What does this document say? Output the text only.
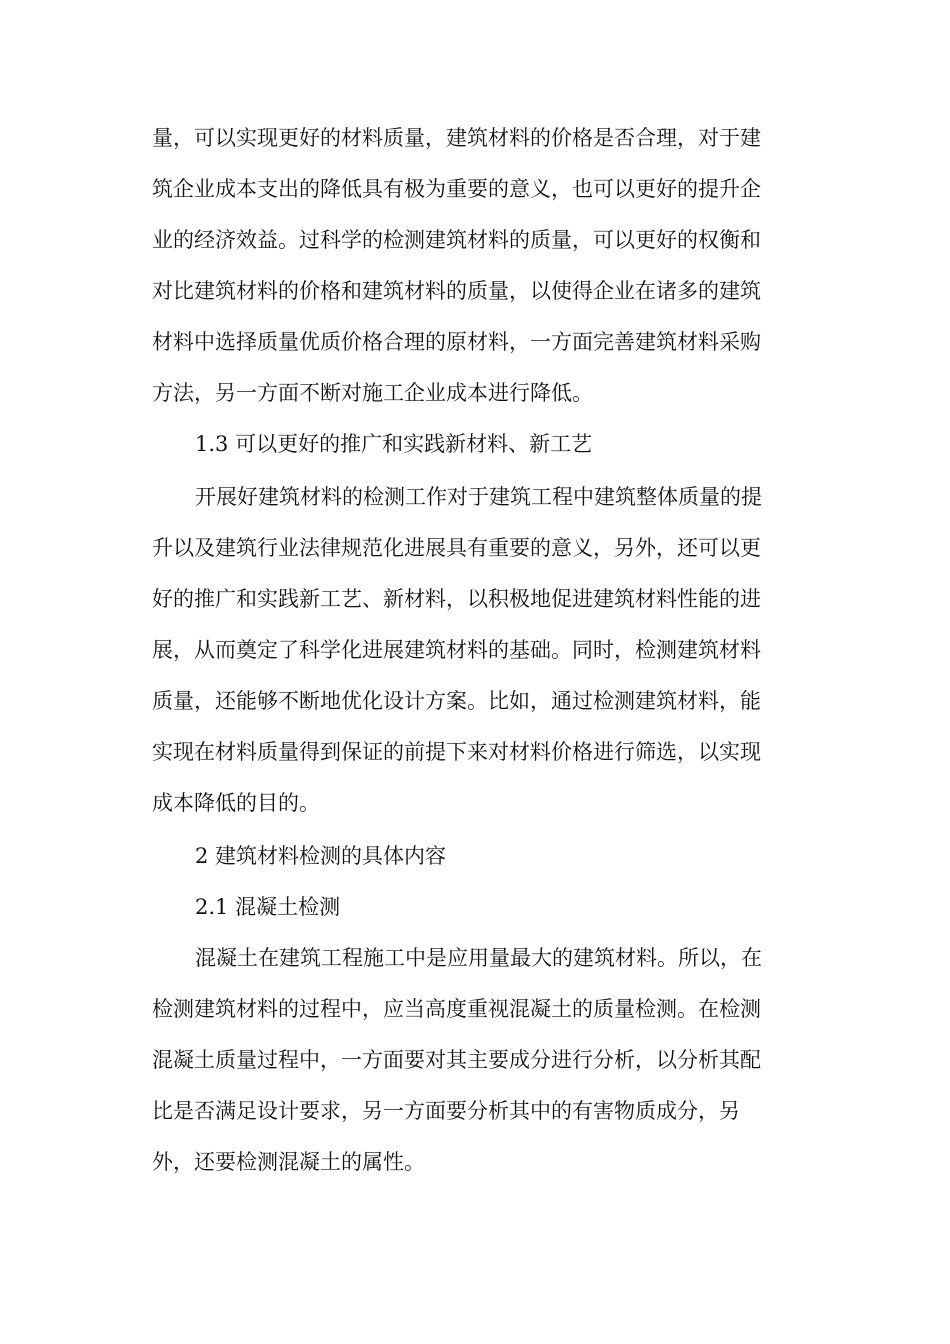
量，可以实现更好的材料质量，建筑材料的价格是否合理，对于建
筑企业成本支出的降低具有极为重要的意义，也可以更好的提升企
业的经济效益。过科学的检测建筑材料的质量，可以更好的权衡和
对比建筑材料的价格和建筑材料的质量，以使得企业在诸多的建筑
材料中选择质量优质价格合理的原材料，一方面完善建筑材料采购
方法，另一方面不断对施工企业成本进行降低。
1.3 可以更好的推广和实践新材料、新工艺
开展好建筑材料的检测工作对于建筑工程中建筑整体质量的提
升以及建筑行业法律规范化进展具有重要的意义，另外，还可以更
好的推广和实践新工艺、新材料，以积极地促进建筑材料性能的进
展，从而奠定了科学化进展建筑材料的基础。同时，检测建筑材料
质量，还能够不断地优化设计方案。比如，通过检测建筑材料，能
实现在材料质量得到保证的前提下来对材料价格进行筛选，以实现
成本降低的目的。
2 建筑材料检测的具体内容
2.1 混凝土检测
混凝土在建筑工程施工中是应用量最大的建筑材料。所以，在
检测建筑材料的过程中，应当高度重视混凝土的质量检测。在检测
混凝土质量过程中，一方面要对其主要成分进行分析，以分析其配
比是否满足设计要求，另一方面要分析其中的有害物质成分，另
外，还要检测混凝土的属性。
